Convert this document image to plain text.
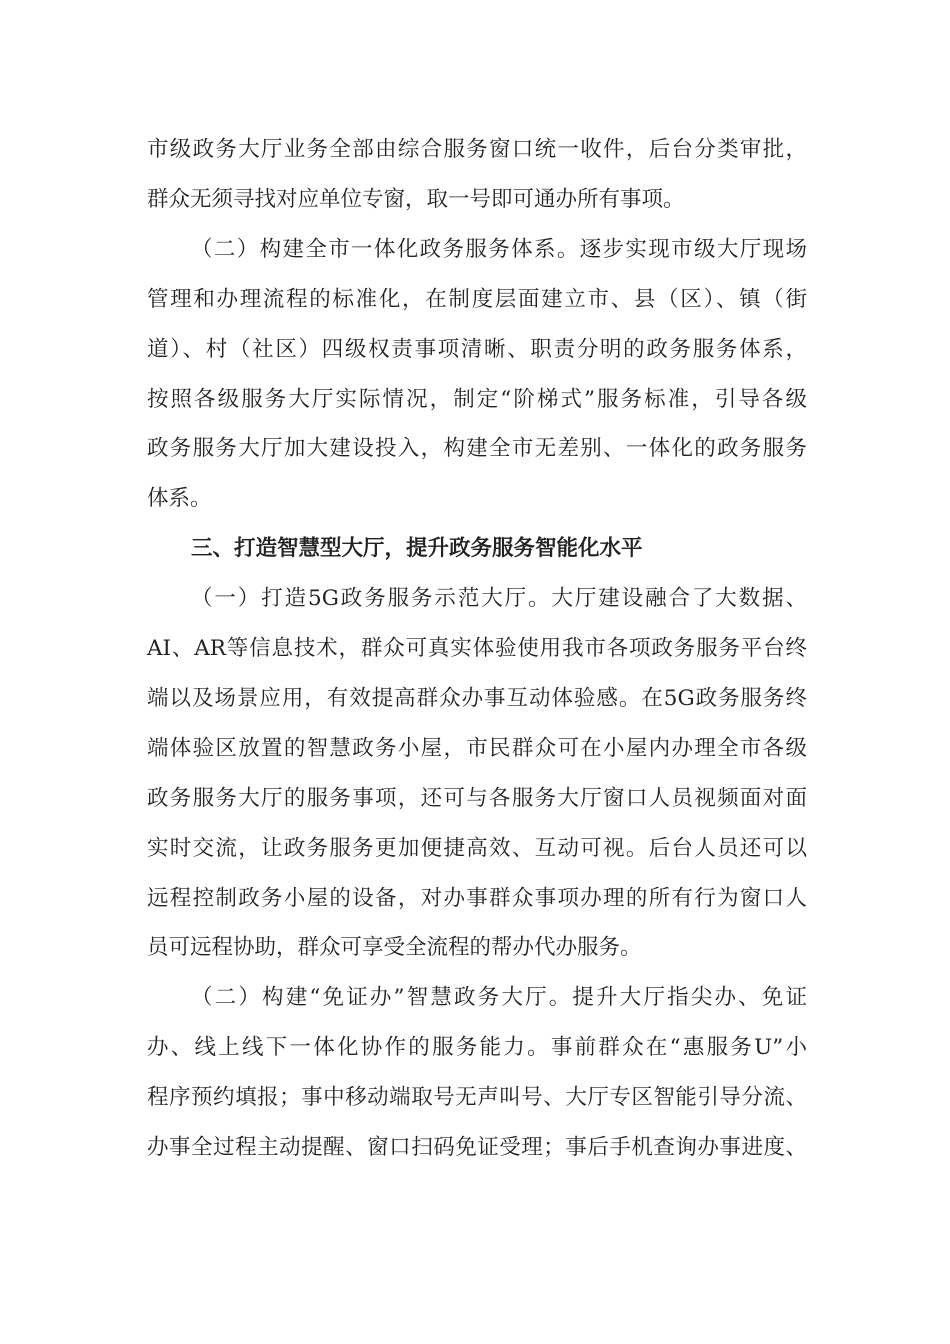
市级政务大厅业务全部由综合服务窗口统一收件，后台分类审批，
群众无须寻找对应单位专窗，取一号即可通办所有事项。
（二）构建全市一体化政务服务体系。逐步实现市级大厅现场
管理和办理流程的标准化，在制度层面建立市、县（区）、镇（街
道）、村（社区）四级权责事项清晰、职责分明的政务服务体系，
按照各级服务大厅实际情况，制定“阶梯式”服务标准，引导各级
政务服务大厅加大建设投入，构建全市无差别、一体化的政务服务
体系。
三、打造智慧型大厅，提升政务服务智能化水平
（一）打造5G政务服务示范大厅。大厅建设融合了大数据、
AI、AR等信息技术，群众可真实体验使用我市各项政务服务平台终
端以及场景应用，有效提高群众办事互动体验感。在5G政务服务终
端体验区放置的智慧政务小屋，市民群众可在小屋内办理全市各级
政务服务大厅的服务事项，还可与各服务大厅窗口人员视频面对面
实时交流，让政务服务更加便捷高效、互动可视。后台人员还可以
远程控制政务小屋的设备，对办事群众事项办理的所有行为窗口人
员可远程协助，群众可享受全流程的帮办代办服务。
（二）构建“免证办”智慧政务大厅。提升大厅指尖办、免证
办、线上线下一体化协作的服务能力。事前群众在“惠服务U”小
程序预约填报；事中移动端取号无声叫号、大厅专区智能引导分流、
办事全过程主动提醒、窗口扫码免证受理；事后手机查询办事进度、
